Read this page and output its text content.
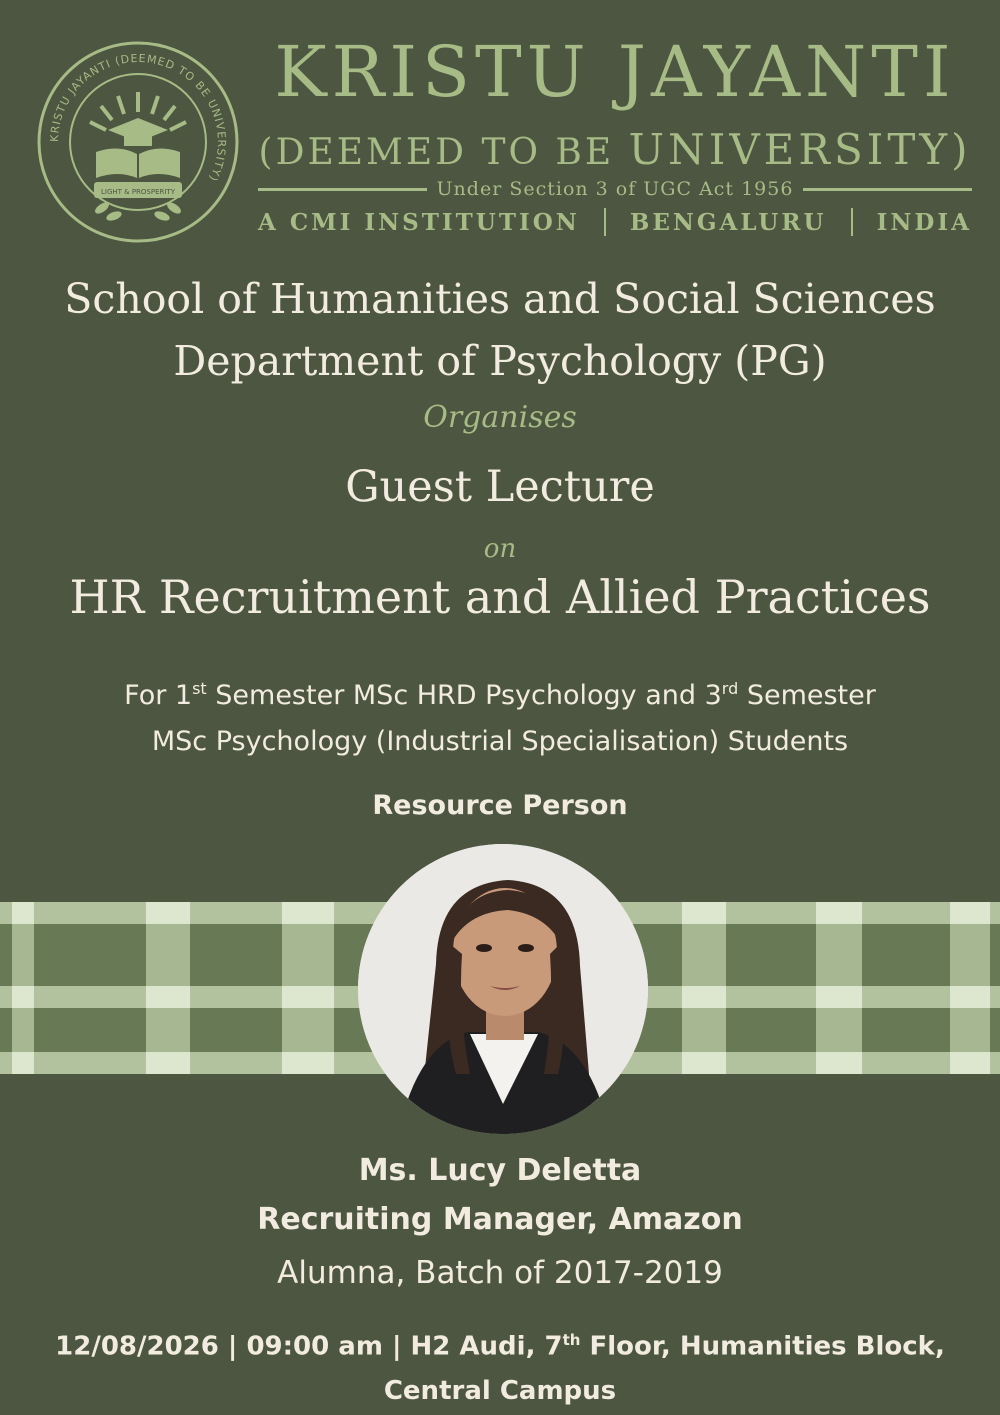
KRISTU JAYANTI (DEEMED TO BE UNIVERSITY)
LIGHT & PROSPERITY
KRISTU JAYANTI
(DEEMED TO BE UNIVERSITY)
Under Section 3 of UGC Act 1956
A CMI INSTITUTION BENGALURU INDIA
School of Humanities and Social Sciences
Department of Psychology (PG)
Organises
Guest Lecture
on
HR Recruitment and Allied Practices
For 1st Semester MSc HRD Psychology and 3rd Semester
MSc Psychology (Industrial Specialisation) Students
Resource Person
Ms. Lucy Deletta
Recruiting Manager, Amazon
Alumna, Batch of 2017-2019
12/08/2026 | 09:00 am | H2 Audi, 7th Floor, Humanities Block,
Central Campus
